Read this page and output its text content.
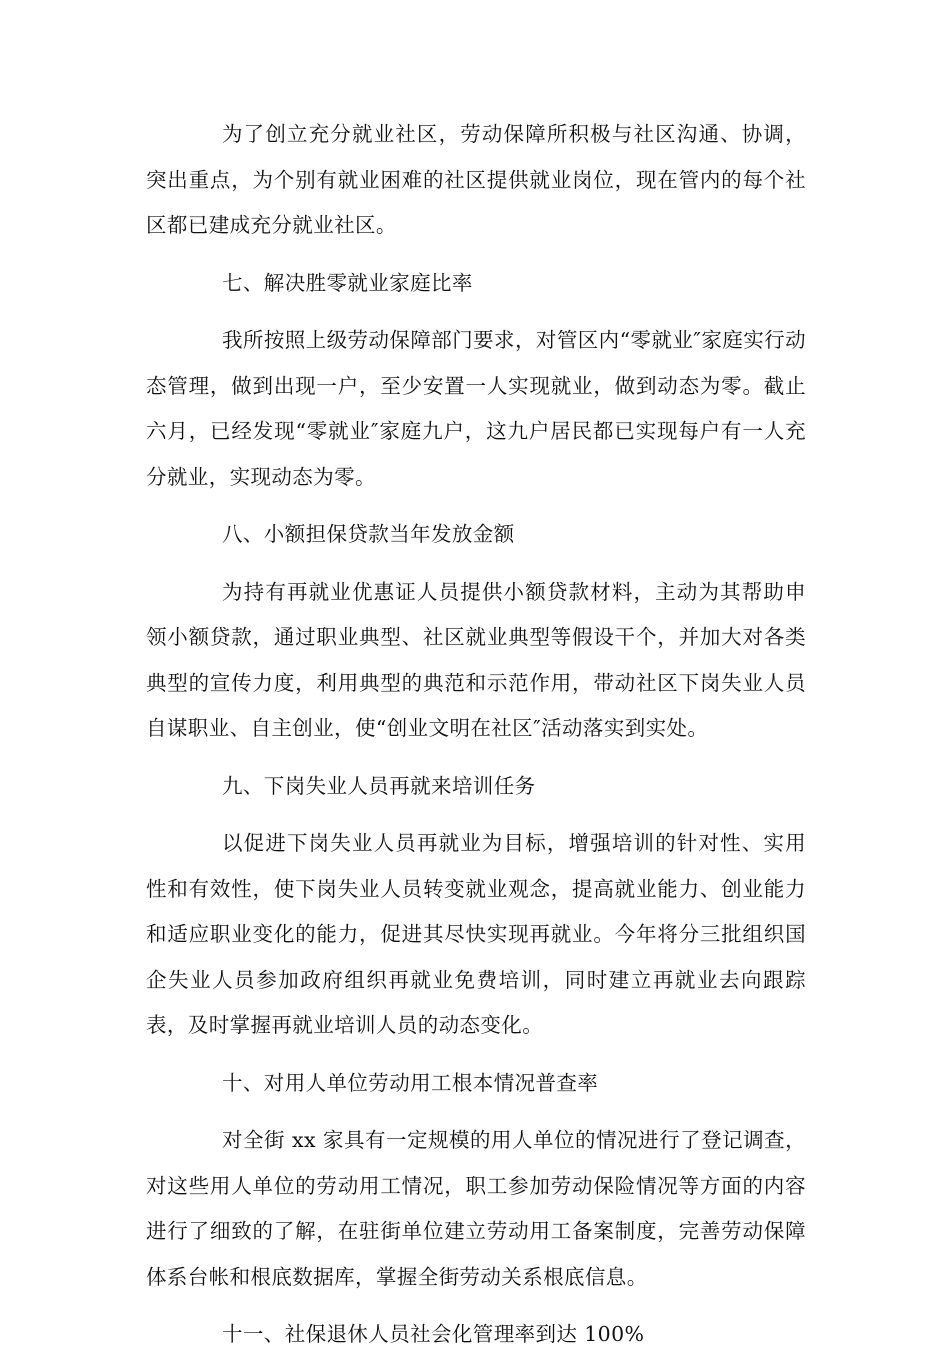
为了创立充分就业社区，劳动保障所积极与社区沟通、协调，突出重点，为个别有就业困难的社区提供就业岗位，现在管内的每个社区都已建成充分就业社区。

七、解决胜零就业家庭比率

我所按照上级劳动保障部门要求，对管区内“零就业″家庭实行动态管理，做到出现一户，至少安置一人实现就业，做到动态为零。截止六月，已经发现“零就业″家庭九户，这九户居民都已实现每户有一人充分就业，实现动态为零。

八、小额担保贷款当年发放金额

为持有再就业优惠证人员提供小额贷款材料，主动为其帮助申领小额贷款，通过职业典型、社区就业典型等假设干个，并加大对各类典型的宣传力度，利用典型的典范和示范作用，带动社区下岗失业人员自谋职业、自主创业，使“创业文明在社区″活动落实到实处。

九、下岗失业人员再就来培训任务

以促进下岗失业人员再就业为目标，增强培训的针对性、实用性和有效性，使下岗失业人员转变就业观念，提高就业能力、创业能力和适应职业变化的能力，促进其尽快实现再就业。今年将分三批组织国企失业人员参加政府组织再就业免费培训，同时建立再就业去向跟踪表，及时掌握再就业培训人员的动态变化。

十、对用人单位劳动用工根本情况普查率

对全街 xx 家具有一定规模的用人单位的情况进行了登记调查，对这些用人单位的劳动用工情况，职工参加劳动保险情况等方面的内容进行了细致的了解，在驻街单位建立劳动用工备案制度，完善劳动保障体系台帐和根底数据库，掌握全街劳动关系根底信息。

十一、社保退休人员社会化管理率到达 100%
